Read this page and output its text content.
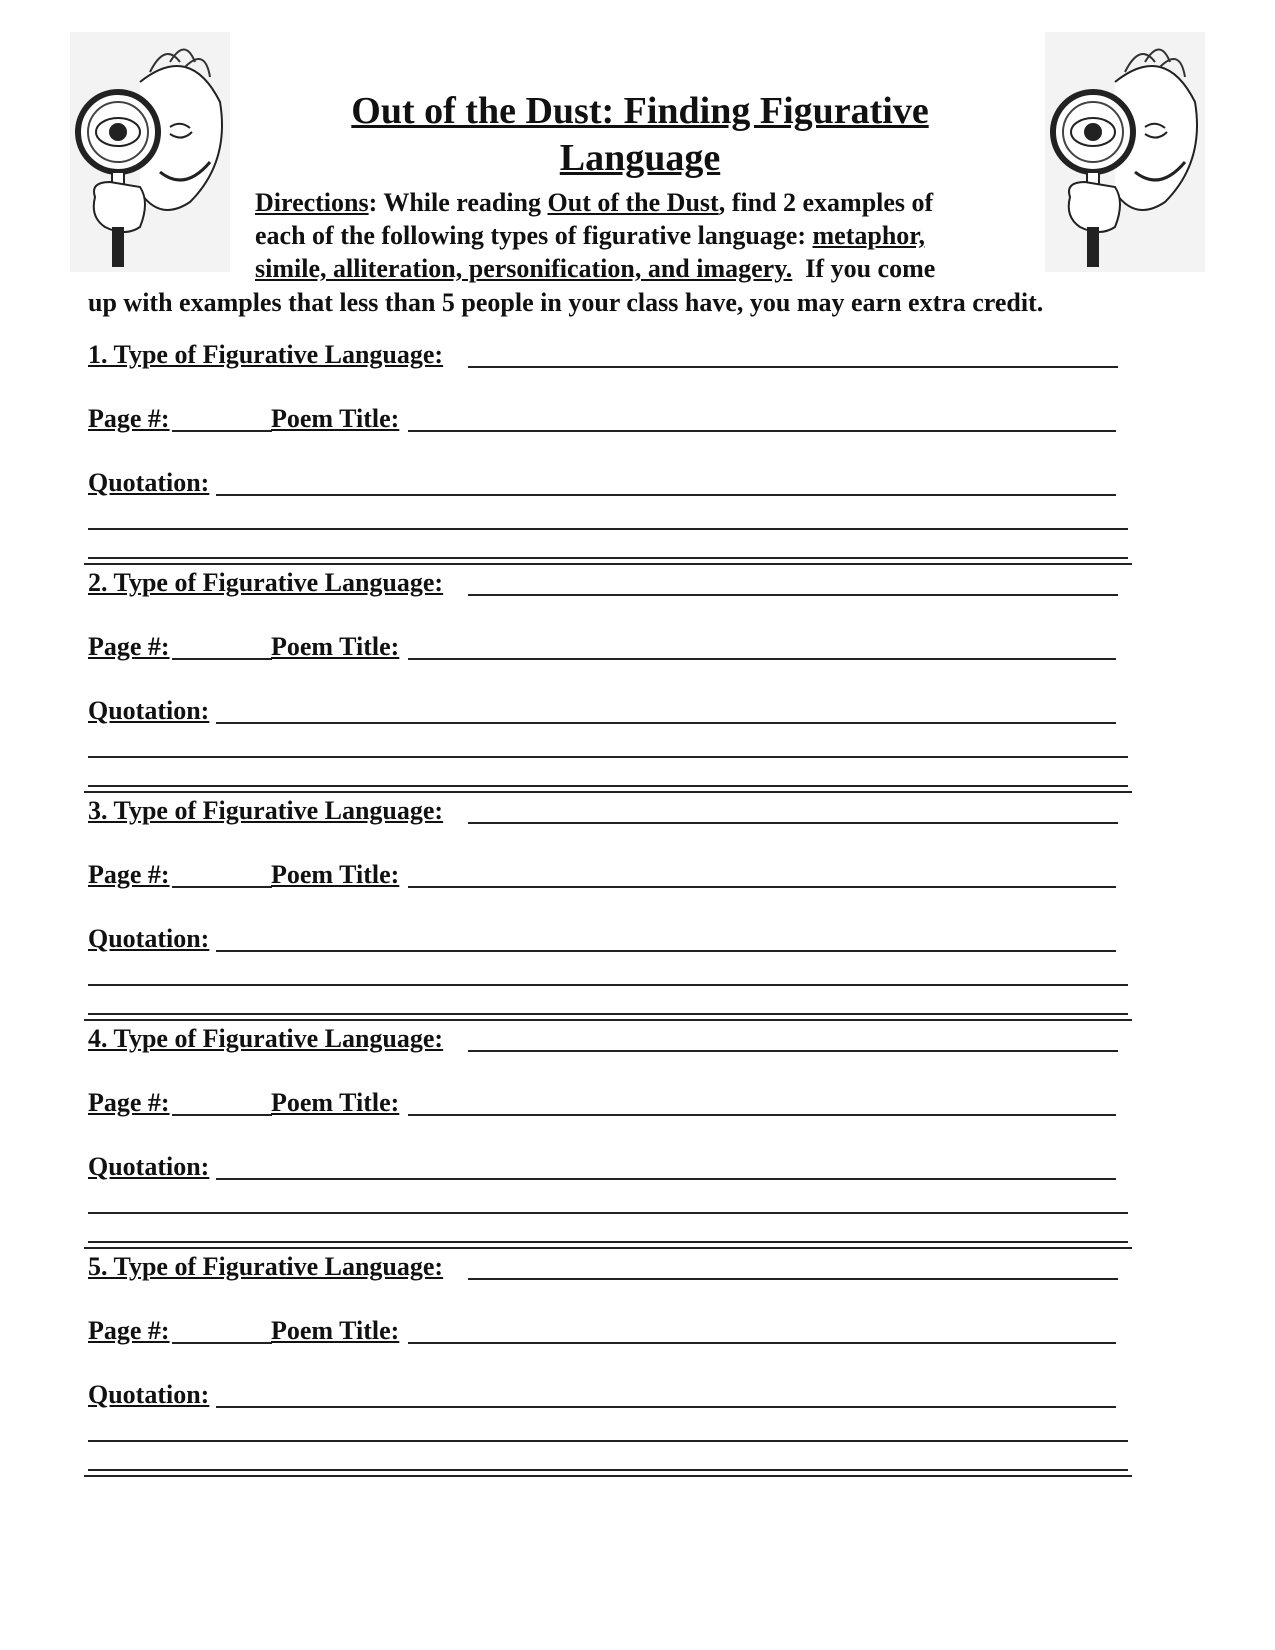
Out of the Dust: Finding Figurative Language
Directions: While reading Out of the Dust, find 2 examples of
each of the following types of figurative language: metaphor,
simile, alliteration, personification, and imagery.  If you come
up with examples that less than 5 people in your class have, you may earn extra credit.
1. Type of Figurative Language:
Page #:	Poem Title:
Quotation:
2. Type of Figurative Language:
Page #:	Poem Title:
Quotation:
3. Type of Figurative Language:
Page #:	Poem Title:
Quotation:
4. Type of Figurative Language:
Page #:	Poem Title:
Quotation:
5. Type of Figurative Language:
Page #:	Poem Title:
Quotation:
